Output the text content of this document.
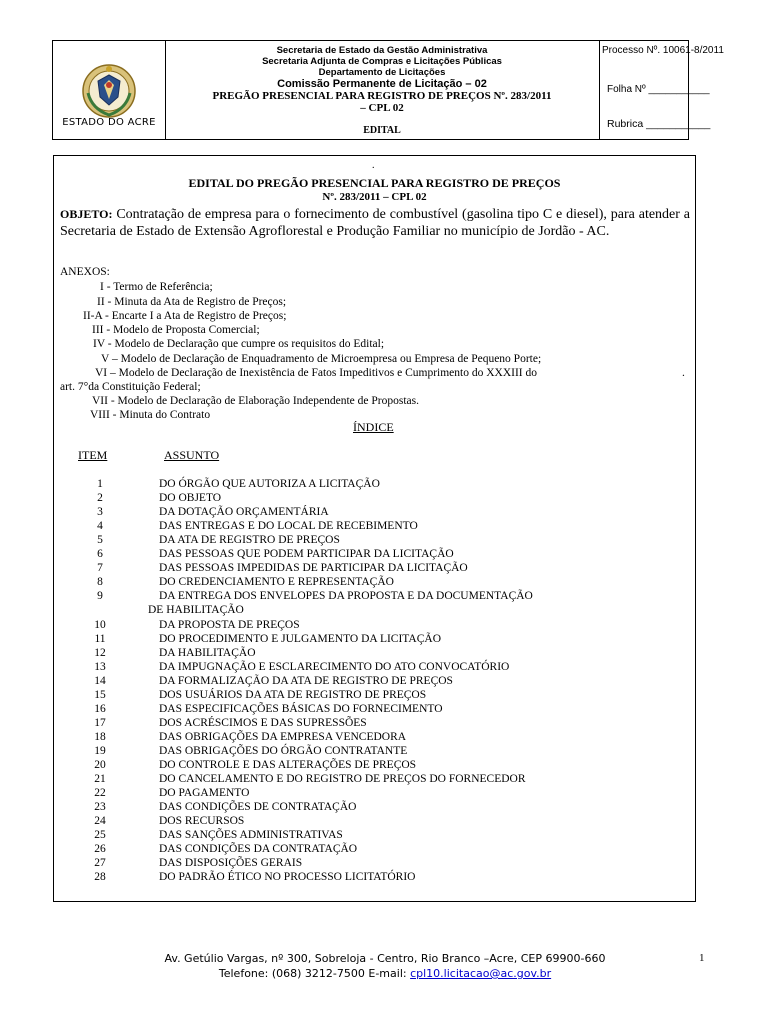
ESTADO DO ACRE
Secretaria de Estado da Gestão Administrativa
Secretaria Adjunta de Compras e Licitações Públicas
Departamento de Licitações
Comissão Permanente de Licitação – 02
PREGÃO PRESENCIAL PARA REGISTRO DE PREÇOS Nº. 283/2011
– CPL 02
EDITAL
Processo Nº. 10061-8/2011
Folha Nº ___________
Rubrica ___________
.
EDITAL DO PREGÃO PRESENCIAL PARA REGISTRO DE PREÇOS
Nº. 283/2011 – CPL 02
OBJETO: Contratação de empresa para o fornecimento de combustível (gasolina tipo C e diesel), para atender a Secretaria de Estado de Extensão Agroflorestal e Produção Familiar no município de Jordão - AC.
ANEXOS:
I - Termo de Referência;
II - Minuta da Ata de Registro de Preços;
II-A - Encarte I a Ata de Registro de Preços;
III - Modelo de Proposta Comercial;
IV - Modelo de Declaração que cumpre os requisitos do Edital;
V – Modelo de Declaração de Enquadramento de Microempresa ou Empresa de Pequeno Porte;
VI – Modelo de Declaração de Inexistência de Fatos Impeditivos e Cumprimento do XXXIII do	.
art. 7°da Constituição Federal;
VII - Modelo de Declaração de Elaboração Independente de Propostas.
VIII - Minuta do Contrato
ÍNDICE
ITEM	ASSUNTO
1	DO ÓRGÃO QUE AUTORIZA A LICITAÇÃO
2	DO OBJETO
3	DA DOTAÇÃO ORÇAMENTÁRIA
4	DAS ENTREGAS E DO LOCAL DE RECEBIMENTO
5	DA ATA DE REGISTRO DE PREÇOS
6	DAS PESSOAS QUE PODEM PARTICIPAR DA LICITAÇÃO
7	DAS PESSOAS IMPEDIDAS DE PARTICIPAR DA LICITAÇÃO
8	DO CREDENCIAMENTO E REPRESENTAÇÃO
9	DA ENTREGA DOS ENVELOPES DA PROPOSTA E DA DOCUMENTAÇÃO
DE HABILITAÇÃO
10	DA PROPOSTA DE PREÇOS
11	DO PROCEDIMENTO E JULGAMENTO DA LICITAÇÃO
12	DA HABILITAÇÃO
13	DA IMPUGNAÇÃO E ESCLARECIMENTO DO ATO CONVOCATÓRIO
14	DA FORMALIZAÇÃO DA ATA DE REGISTRO DE PREÇOS
15	DOS USUÁRIOS DA ATA DE REGISTRO DE PREÇOS
16	DAS ESPECIFICAÇÕES BÁSICAS DO FORNECIMENTO
17	DOS ACRÉSCIMOS E DAS SUPRESSÕES
18	DAS OBRIGAÇÕES DA EMPRESA VENCEDORA
19	DAS OBRIGAÇÕES DO ÓRGÃO CONTRATANTE
20	DO CONTROLE E DAS ALTERAÇÕES DE PREÇOS
21	DO CANCELAMENTO E DO REGISTRO DE PREÇOS DO FORNECEDOR
22	DO PAGAMENTO
23	DAS CONDIÇÕES DE CONTRATAÇÃO
24	DOS RECURSOS
25	DAS SANÇÕES ADMINISTRATIVAS
26	DAS CONDIÇÕES DA CONTRATAÇÃO
27	DAS DISPOSIÇÕES GERAIS
28	DO PADRÃO ÉTICO NO PROCESSO LICITATÓRIO
Av. Getúlio Vargas, nº 300, Sobreloja - Centro, Rio Branco –Acre, CEP 69900-660
Telefone: (068) 3212-7500 E-mail: cpl10.licitacao@ac.gov.br
1
